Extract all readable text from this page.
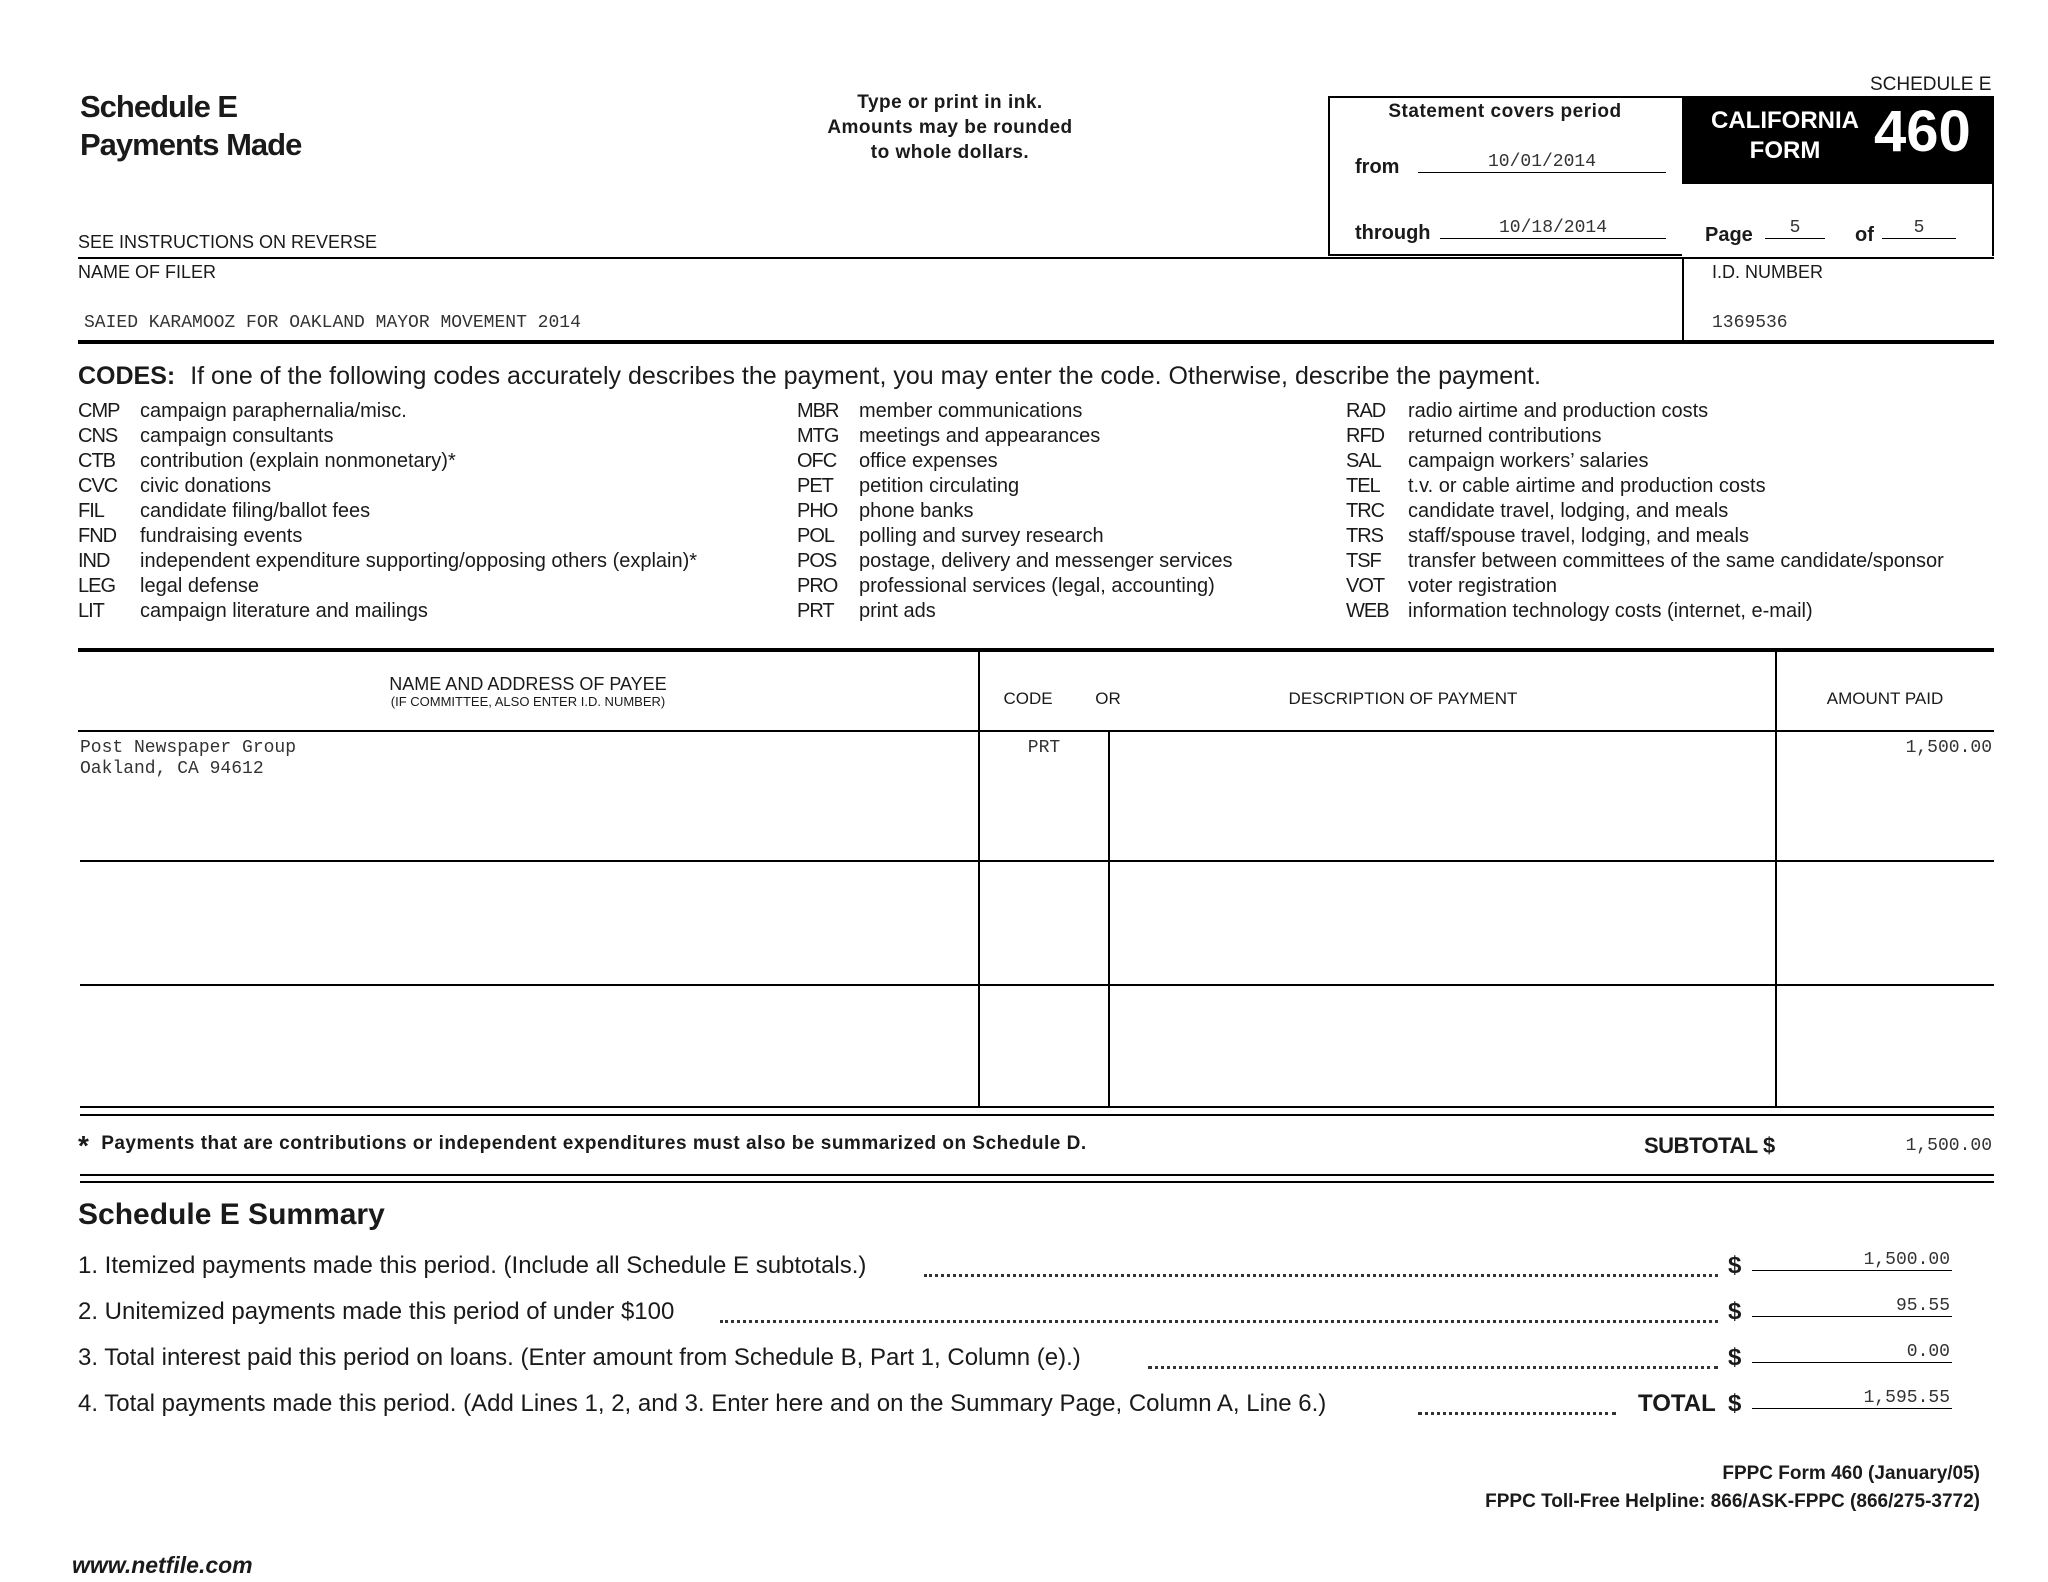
Schedule E
Payments Made
Type or print in ink.
Amounts may be rounded
to whole dollars.
SCHEDULE E
SEE INSTRUCTIONS ON REVERSE
Statement covers period
from	10/01/2014
through	10/18/2014
CALIFORNIA
FORM 460
Page	5	of	5
NAME OF FILER
SAIED KARAMOOZ FOR OAKLAND MAYOR MOVEMENT 2014
I.D. NUMBER
1369536
CODES: If one of the following codes accurately describes the payment, you may enter the code. Otherwise, describe the payment.
CMP campaign paraphernalia/misc.
CNS campaign consultants
CTB contribution (explain nonmonetary)*
CVC civic donations
FIL candidate filing/ballot fees
FND fundraising events
IND independent expenditure supporting/opposing others (explain)*
LEG legal defense
LIT campaign literature and mailings
MBR member communications
MTG meetings and appearances
OFC office expenses
PET petition circulating
PHO phone banks
POL polling and survey research
POS postage, delivery and messenger services
PRO professional services (legal, accounting)
PRT print ads
RAD radio airtime and production costs
RFD returned contributions
SAL campaign workers’ salaries
TEL t.v. or cable airtime and production costs
TRC candidate travel, lodging, and meals
TRS staff/spouse travel, lodging, and meals
TSF transfer between committees of the same candidate/sponsor
VOT voter registration
WEB information technology costs (internet, e-mail)
NAME AND ADDRESS OF PAYEE
(IF COMMITTEE, ALSO ENTER I.D. NUMBER)	CODE	OR	DESCRIPTION OF PAYMENT	AMOUNT PAID
Post Newspaper Group
Oakland, CA 94612
PRT	1,500.00
* Payments that are contributions or independent expenditures must also be summarized on Schedule D.	SUBTOTAL $	1,500.00
Schedule E Summary
1. Itemized payments made this period. (Include all Schedule E subtotals.)	$	1,500.00
2. Unitemized payments made this period of under $100	$	95.55
3. Total interest paid this period on loans. (Enter amount from Schedule B, Part 1, Column (e).)	$	0.00
4. Total payments made this period. (Add Lines 1, 2, and 3. Enter here and on the Summary Page, Column A, Line 6.)	TOTAL $	1,595.55
FPPC Form 460 (January/05)
FPPC Toll-Free Helpline: 866/ASK-FPPC (866/275-3772)
www.netfile.com
